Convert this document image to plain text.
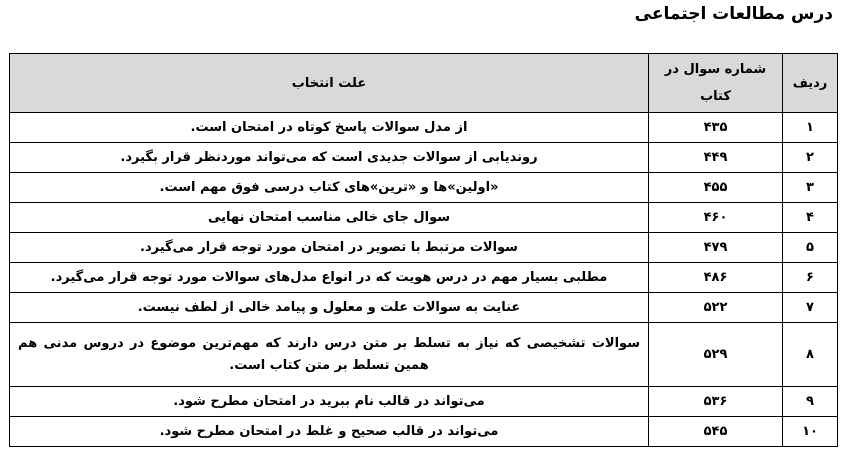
درس مطالعات اجتماعی
ردیف	شماره سوال در کتاب	علت انتخاب
۱	۴۳۵	از مدل سوالات پاسخ کوتاه در امتحان است.
۲	۴۴۹	روندیابی از سوالات جدیدی است که می‌تواند موردنظر قرار بگیرد.
۳	۴۵۵	«اولین»ها و «ترین»های کتاب درسی فوق مهم است.
۴	۴۶۰	سوال جای خالی مناسب امتحان نهایی
۵	۴۷۹	سوالات مرتبط با تصویر در امتحان مورد توجه قرار می‌گیرد.
۶	۴۸۶	مطلبی بسیار مهم در درس هویت که در انواع مدل‌های سوالات مورد توجه قرار می‌گیرد.
۷	۵۲۲	عنایت به سوالات علت و معلول و پیامد خالی از لطف نیست.
۸	۵۲۹	سوالات تشخیصی که نیاز به تسلط بر متن درس دارند که مهم‌ترین موضوع در دروس مدنی هم همین تسلط بر متن کتاب است.
۹	۵۳۶	می‌تواند در قالب نام ببرید در امتحان مطرح شود.
۱۰	۵۴۵	می‌تواند در قالب صحیح و غلط در امتحان مطرح شود.
